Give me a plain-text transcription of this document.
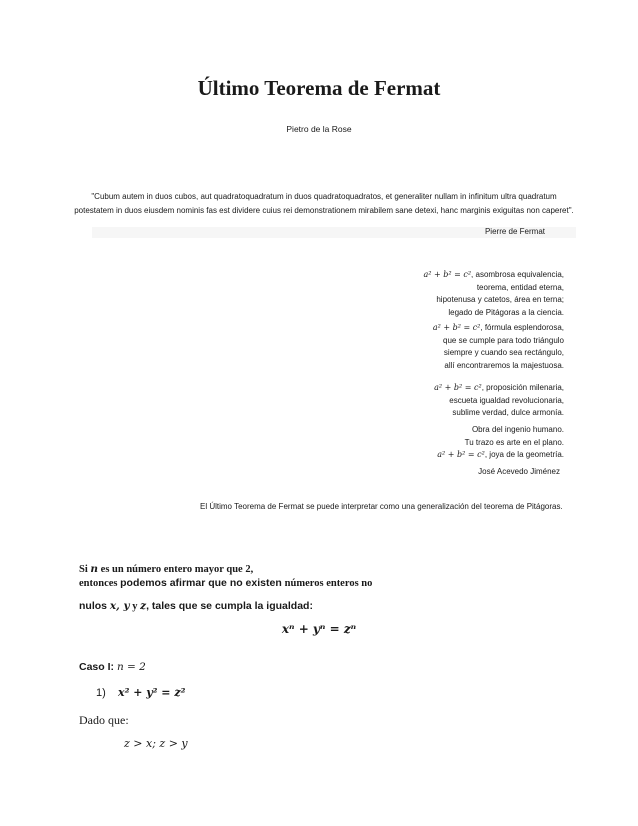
Último Teorema de Fermat
Pietro de la Rose
"Cubum autem in duos cubos, aut quadratoquadratum in duos quadratoquadratos, et generaliter nullam in infinitum ultra quadratum
potestatem in duos eiusdem nominis fas est dividere cuius rei demonstrationem mirabilem sane detexi, hanc marginis exiguitas non caperet".
Pierre de Fermat
a² + b² = c², asombrosa equivalencia,
teorema, entidad eterna,
hipotenusa y catetos, área en terna;
legado de Pitágoras a la ciencia.
a² + b² = c², fórmula esplendorosa,
que se cumple para todo triángulo
siempre y cuando sea rectángulo,
allí encontraremos la majestuosa.
a² + b² = c², proposición milenaria,
escueta igualdad revolucionaria,
sublime verdad, dulce armonía.
Obra del ingenio humano.
Tu trazo es arte en el plano.
a² + b² = c², joya de la geometría.
José Acevedo Jiménez
El Último Teorema de Fermat se puede interpretar como una generalización del teorema de Pitágoras.
Si n es un número entero mayor que 2,
entonces podemos afirmar que no existen números enteros no
nulos x, y y z, tales que se cumpla la igualdad:
xⁿ + yⁿ = zⁿ
Caso I: n = 2
1) x² + y² = z²
Dado que:
z > x; z > y
